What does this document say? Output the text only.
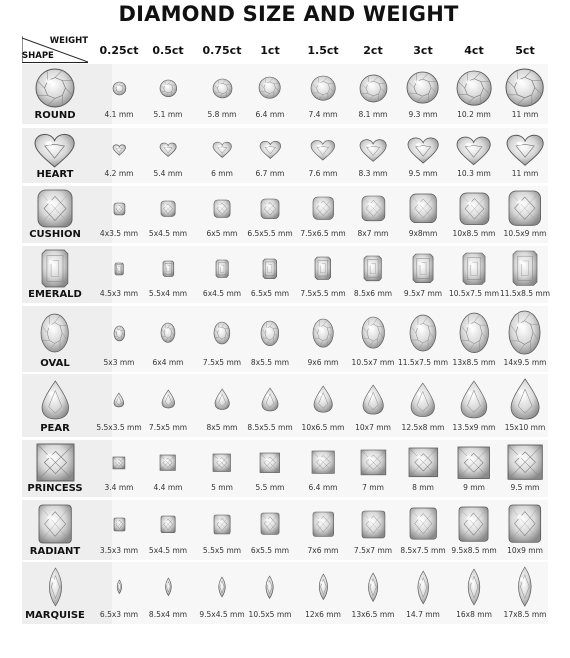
DIAMOND SIZE AND WEIGHT
WEIGHT
SHAPE	0.25ct	0.5ct	0.75ct	1ct	1.5ct	2ct	3ct	4ct	5ct
ROUND	4.1 mm	5.1 mm	5.8 mm	6.4 mm	7.4 mm	8.1 mm	9.3 mm	10.2 mm	11 mm
HEART	4.2 mm	5.4 mm	6 mm	6.7 mm	7.6 mm	8.3 mm	9.5 mm	10.3 mm	11 mm
CUSHION	4x3.5 mm	5x4.5 mm	6x5 mm	6.5x5.5 mm	7.5x6.5 mm	8x7 mm	9x8mm	10x8.5 mm	10.5x9 mm
EMERALD	4.5x3 mm	5.5x4 mm	6x4.5 mm	6.5x5 mm	7.5x5.5 mm	8.5x6 mm	9.5x7 mm 10.5x7.5 mm 11.5x8.5 mm
OVAL	5x3 mm	6x4 mm	7.5x5 mm	8x5.5 mm	9x6 mm	10.5x7 mm 11.5x7.5 mm 13x8.5 mm	14x9.5 mm
PEAR	5.5x3.5 mm 7.5x5 mm	8x5 mm	8.5x5.5 mm	10x6.5 mm	10x7 mm	12.5x8 mm	13.5x9 mm	15x10 mm
PRINCESS	3.4 mm	4.4 mm	5 mm	5.5 mm	6.4 mm	7 mm	8 mm	9 mm	9.5 mm
RADIANT	3.5x3 mm	5x4.5 mm	5.5x5 mm	6x5.5 mm	7x6 mm	7.5x7 mm	8.5x7.5 mm 9.5x8.5 mm	10x9 mm
MARQUISE	6.5x3 mm	8.5x4 mm	9.5x4.5 mm 10.5x5 mm	12x6 mm	13x6.5 mm	14.7 mm	16x8 mm	17x8.5 mm
